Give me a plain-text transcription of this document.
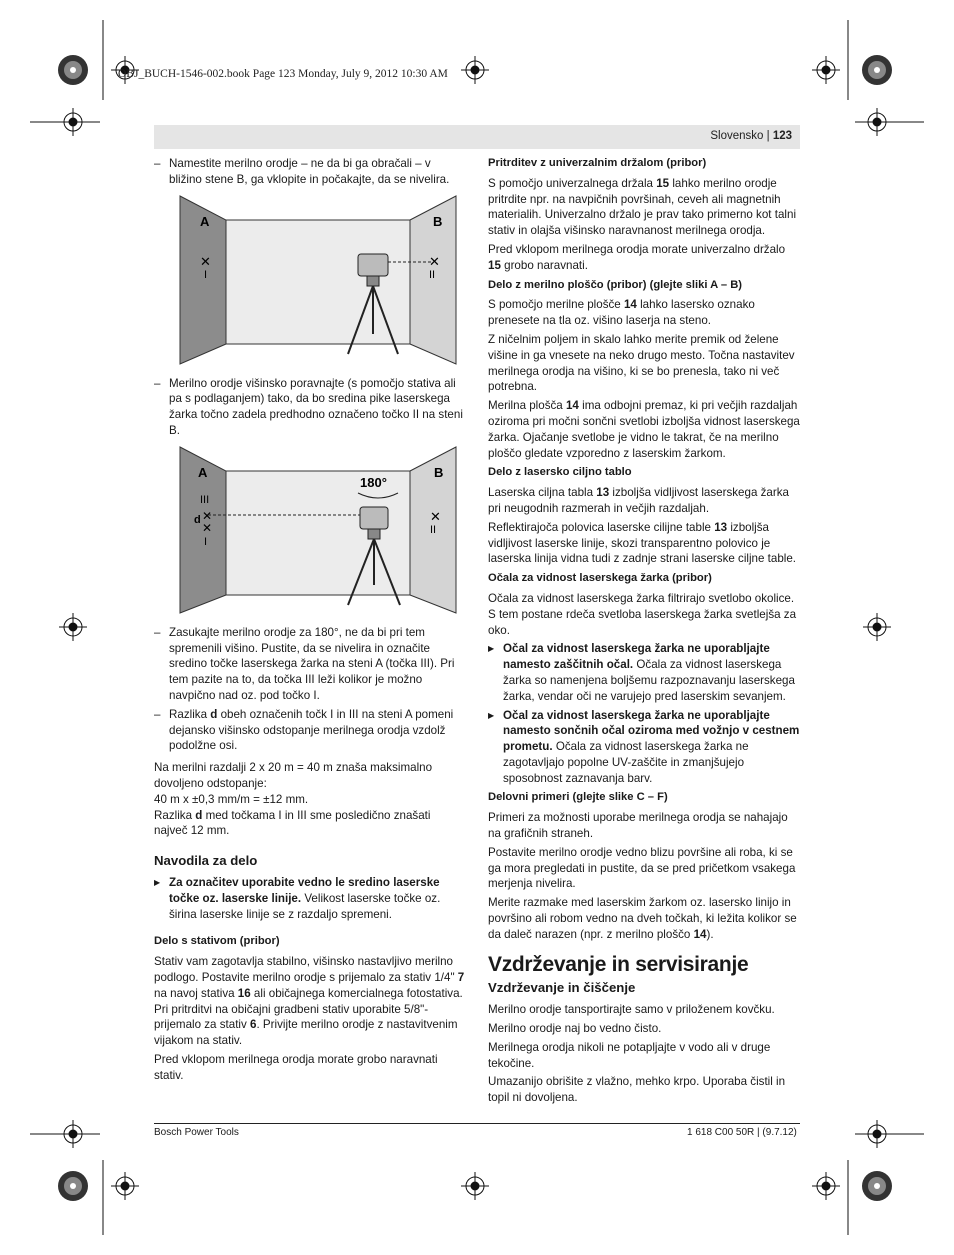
OBJ_BUCH-1546-002.book Page 123 Monday, July 9, 2012 10:30 AM
Slovensko | 123

– Namestite merilno orodje – ne da bi ga obračali – v bližino stene B, ga vklopite in počakajte, da se nivelira.

A	B
✕
I
✕
II

– Merilno orodje višinsko poravnajte (s pomočjo stativa ali pa s podlaganjem) tako, da bo sredina pike laserskega žarka točno zadela predhodno označeno točko II na steni B.

A	B
180°
III
d ✕
✕
I
✕
II

– Zasukajte merilno orodje za 180°, ne da bi pri tem spremenili višino. Pustite, da se nivelira in označite sredino točke laserskega žarka na steni A (točka III). Pri tem pazite na to, da točka III leži kolikor je možno navpično nad oz. pod točko I.

– Razlika d obeh označenih točk I in III na steni A pomeni dejansko višinsko odstopanje merilnega orodja vzdolž podolžne osi.

Na merilni razdalji 2 x 20 m = 40 m znaša maksimalno dovoljeno odstopanje:

40 m x ±0,3 mm/m = ±12 mm.

Razlika d med točkama I in III sme posledično znašati največ 12 mm.

Navodila za delo

▶ Za označitev uporabite vedno le sredino laserske točke oz. laserske linije. Velikost laserske točke oz. širina laserske linije se z razdaljo spremeni.

Delo s stativom (pribor)

Stativ vam zagotavlja stabilno, višinsko nastavljivo merilno podlogo. Postavite merilno orodje s prijemalo za stativ 1/4" 7 na navoj stativa 16 ali običajnega komercialnega fotostativa. Pri pritrditvi na običajni gradbeni stativ uporabite 5/8"-prijemalo za stativ 6. Privijte merilno orodje z nastavitvenim vijakom na stativ.

Pred vklopom merilnega orodja morate grobo naravnati stativ.

Pritrditev z univerzalnim držalom (pribor)

S pomočjo univerzalnega držala 15 lahko merilno orodje pritrdite npr. na navpičnih površinah, ceveh ali magnetnih materialih. Univerzalno držalo je prav tako primerno kot talni stativ in olajša višinsko naravnanost merilnega orodja.

Pred vklopom merilnega orodja morate univerzalno držalo 15 grobo naravnati.

Delo z merilno ploščo (pribor) (glejte sliki A – B)

S pomočjo merilne plošče 14 lahko lasersko oznako prenesete na tla oz. višino laserja na steno.

Z ničelnim poljem in skalo lahko merite premik od želene višine in ga vnesete na neko drugo mesto. Točna nastavitev merilnega orodja na višino, ki se bo prenesla, tako ni več potrebna.

Merilna plošča 14 ima odbojni premaz, ki pri večjih razdaljah oziroma pri močni sončni svetlobi izboljša vidnost laserskega žarka. Ojačanje svetlobe je vidno le takrat, če na merilno ploščo gledate vzporedno z laserskim žarkom.

Delo z lasersko ciljno tablo

Laserska ciljna tabla 13 izboljša vidljivost laserskega žarka pri neugodnih razmerah in večjih razdaljah.

Reflektirajoča polovica laserske cilijne table 13 izboljša vidljivost laserske linije, skozi transparentno polovico je laserska linija vidna tudi z zadnje strani laserske ciljne table.

Očala za vidnost laserskega žarka (pribor)

Očala za vidnost laserskega žarka filtrirajo svetlobo okolice. S tem postane rdeča svetloba laserskega žarka svetlejša za oko.

▶ Očal za vidnost laserskega žarka ne uporabljajte namesto zaščitnih očal. Očala za vidnost laserskega žarka so namenjena boljšemu razpoznavanju laserskega žarka, vendar oči ne varujejo pred laserskim sevanjem.

▶ Očal za vidnost laserskega žarka ne uporabljajte namesto sončnih očal oziroma med vožnjo v cestnem prometu. Očala za vidnost laserskega žarka ne zagotavljajo popolne UV-zaščite in zmanjšujejo sposobnost zaznavanja barv.

Delovni primeri (glejte slike C – F)

Primeri za možnosti uporabe merilnega orodja se nahajajo na grafičnih straneh.

Postavite merilno orodje vedno blizu površine ali roba, ki se ga mora pregledati in pustite, da se pred pričetkom vsakega merjenja nivelira.

Merite razmake med laserskim žarkom oz. lasersko linijo in površino ali robom vedno na dveh točkah, ki ležita kolikor se da daleč narazen (npr. z merilno ploščo 14).

Vzdrževanje in servisiranje
Vzdrževanje in čiščenje

Merilno orodje tansportirajte samo v priloženem kovčku.

Merilno orodje naj bo vedno čisto.

Merilnega orodja nikoli ne potapljajte v vodo ali v druge tekočine.

Umazanijo obrišite z vlažno, mehko krpo. Uporaba čistil in topil ni dovoljena.

Bosch Power Tools	1 618 C00 50R | (9.7.12)
